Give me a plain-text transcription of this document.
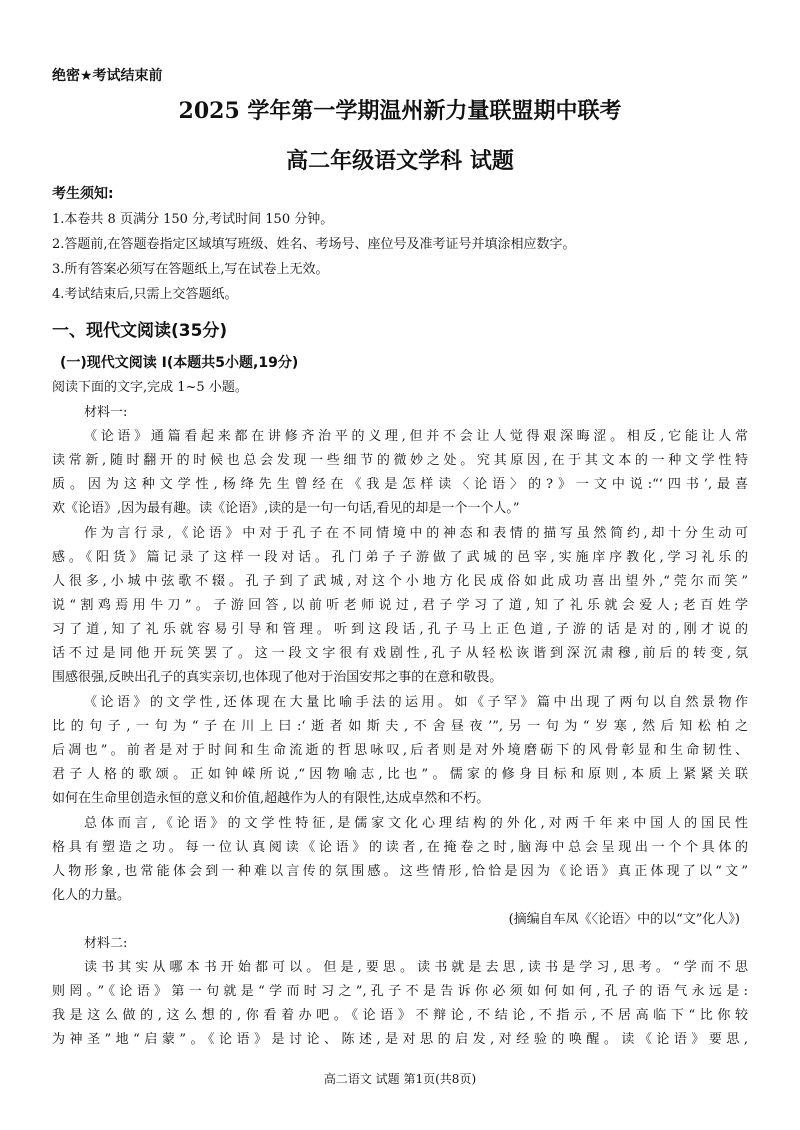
绝密★考试结束前
2025 学年第一学期温州新力量联盟期中联考
高二年级语文学科 试题
考生须知:
1.本卷共 8 页满分 150 分,考试时间 150 分钟。
2.答题前,在答题卷指定区域填写班级、姓名、考场号、座位号及准考证号并填涂相应数字。
3.所有答案必须写在答题纸上,写在试卷上无效。
4.考试结束后,只需上交答题纸。
一、现代文阅读(35分)
(一)现代文阅读 Ⅰ(本题共5小题,19分)
阅读下面的文字,完成 1~5 小题。
材料一:
《论语》通篇看起来都在讲修齐治平的义理,但并不会让人觉得艰深晦涩。相反,它能让人常
读常新,随时翻开的时候也总会发现一些细节的微妙之处。究其原因,在于其文本的一种文学性特
质。因为这种文学性,杨绛先生曾经在《我是怎样读〈论语〉的?》一文中说:“‘四书’,最喜
欢《论语》,因为最有趣。读《论语》,读的是一句一句话,看见的却是一个一个人。”
作为言行录,《论语》中对于孔子在不同情境中的神态和表情的描写虽然简约,却十分生动可
感。《阳货》篇记录了这样一段对话。孔门弟子子游做了武城的邑宰,实施庠序教化,学习礼乐的
人很多,小城中弦歌不辍。孔子到了武城,对这个小地方化民成俗如此成功喜出望外,“莞尔而笑”
说“割鸡焉用牛刀”。子游回答,以前听老师说过,君子学习了道,知了礼乐就会爱人;老百姓学
习了道,知了礼乐就容易引导和管理。听到这段话,孔子马上正色道,子游的话是对的,刚才说的
话不过是同他开玩笑罢了。这一段文字很有戏剧性,孔子从轻松诙谐到深沉肃穆,前后的转变,氛
围感很强,反映出孔子的真实亲切,也体现了他对于治国安邦之事的在意和敬畏。
《论语》的文学性,还体现在大量比喻手法的运用。如《子罕》篇中出现了两句以自然景物作
比的句子,一句为“子在川上曰:‘逝者如斯夫,不舍昼夜’”,另一句为“岁寒,然后知松柏之
后凋也”。前者是对于时间和生命流逝的哲思咏叹,后者则是对外境磨砺下的风骨彰显和生命韧性、
君子人格的歌颂。正如钟嵘所说,“因物喻志,比也”。儒家的修身目标和原则,本质上紧紧关联
如何在生命里创造永恒的意义和价值,超越作为人的有限性,达成卓然和不朽。
总体而言,《论语》的文学性特征,是儒家文化心理结构的外化,对两千年来中国人的国民性
格具有塑造之功。每一位认真阅读《论语》的读者,在掩卷之时,脑海中总会呈现出一个个具体的
人物形象,也常能体会到一种难以言传的氛围感。这些情形,恰恰是因为《论语》真正体现了以“文”
化人的力量。
(摘编自车凤《〈论语〉中的以“文”化人》)
材料二:
读书其实从哪本书开始都可以。但是,要思。读书就是去思,读书是学习,思考。“学而不思
则罔。”《论语》第一句就是“学而时习之”,孔子不是告诉你必须如何如何,孔子的语气永远是:
我是这么做的,这么想的,你看着办吧。《论语》不辩论,不结论,不指示,不居高临下“比你较
为神圣”地“启蒙”。《论语》是讨论、陈述,是对思的启发,对经验的唤醒。读《论语》要思,
高二语文 试题 第1页(共8页)
